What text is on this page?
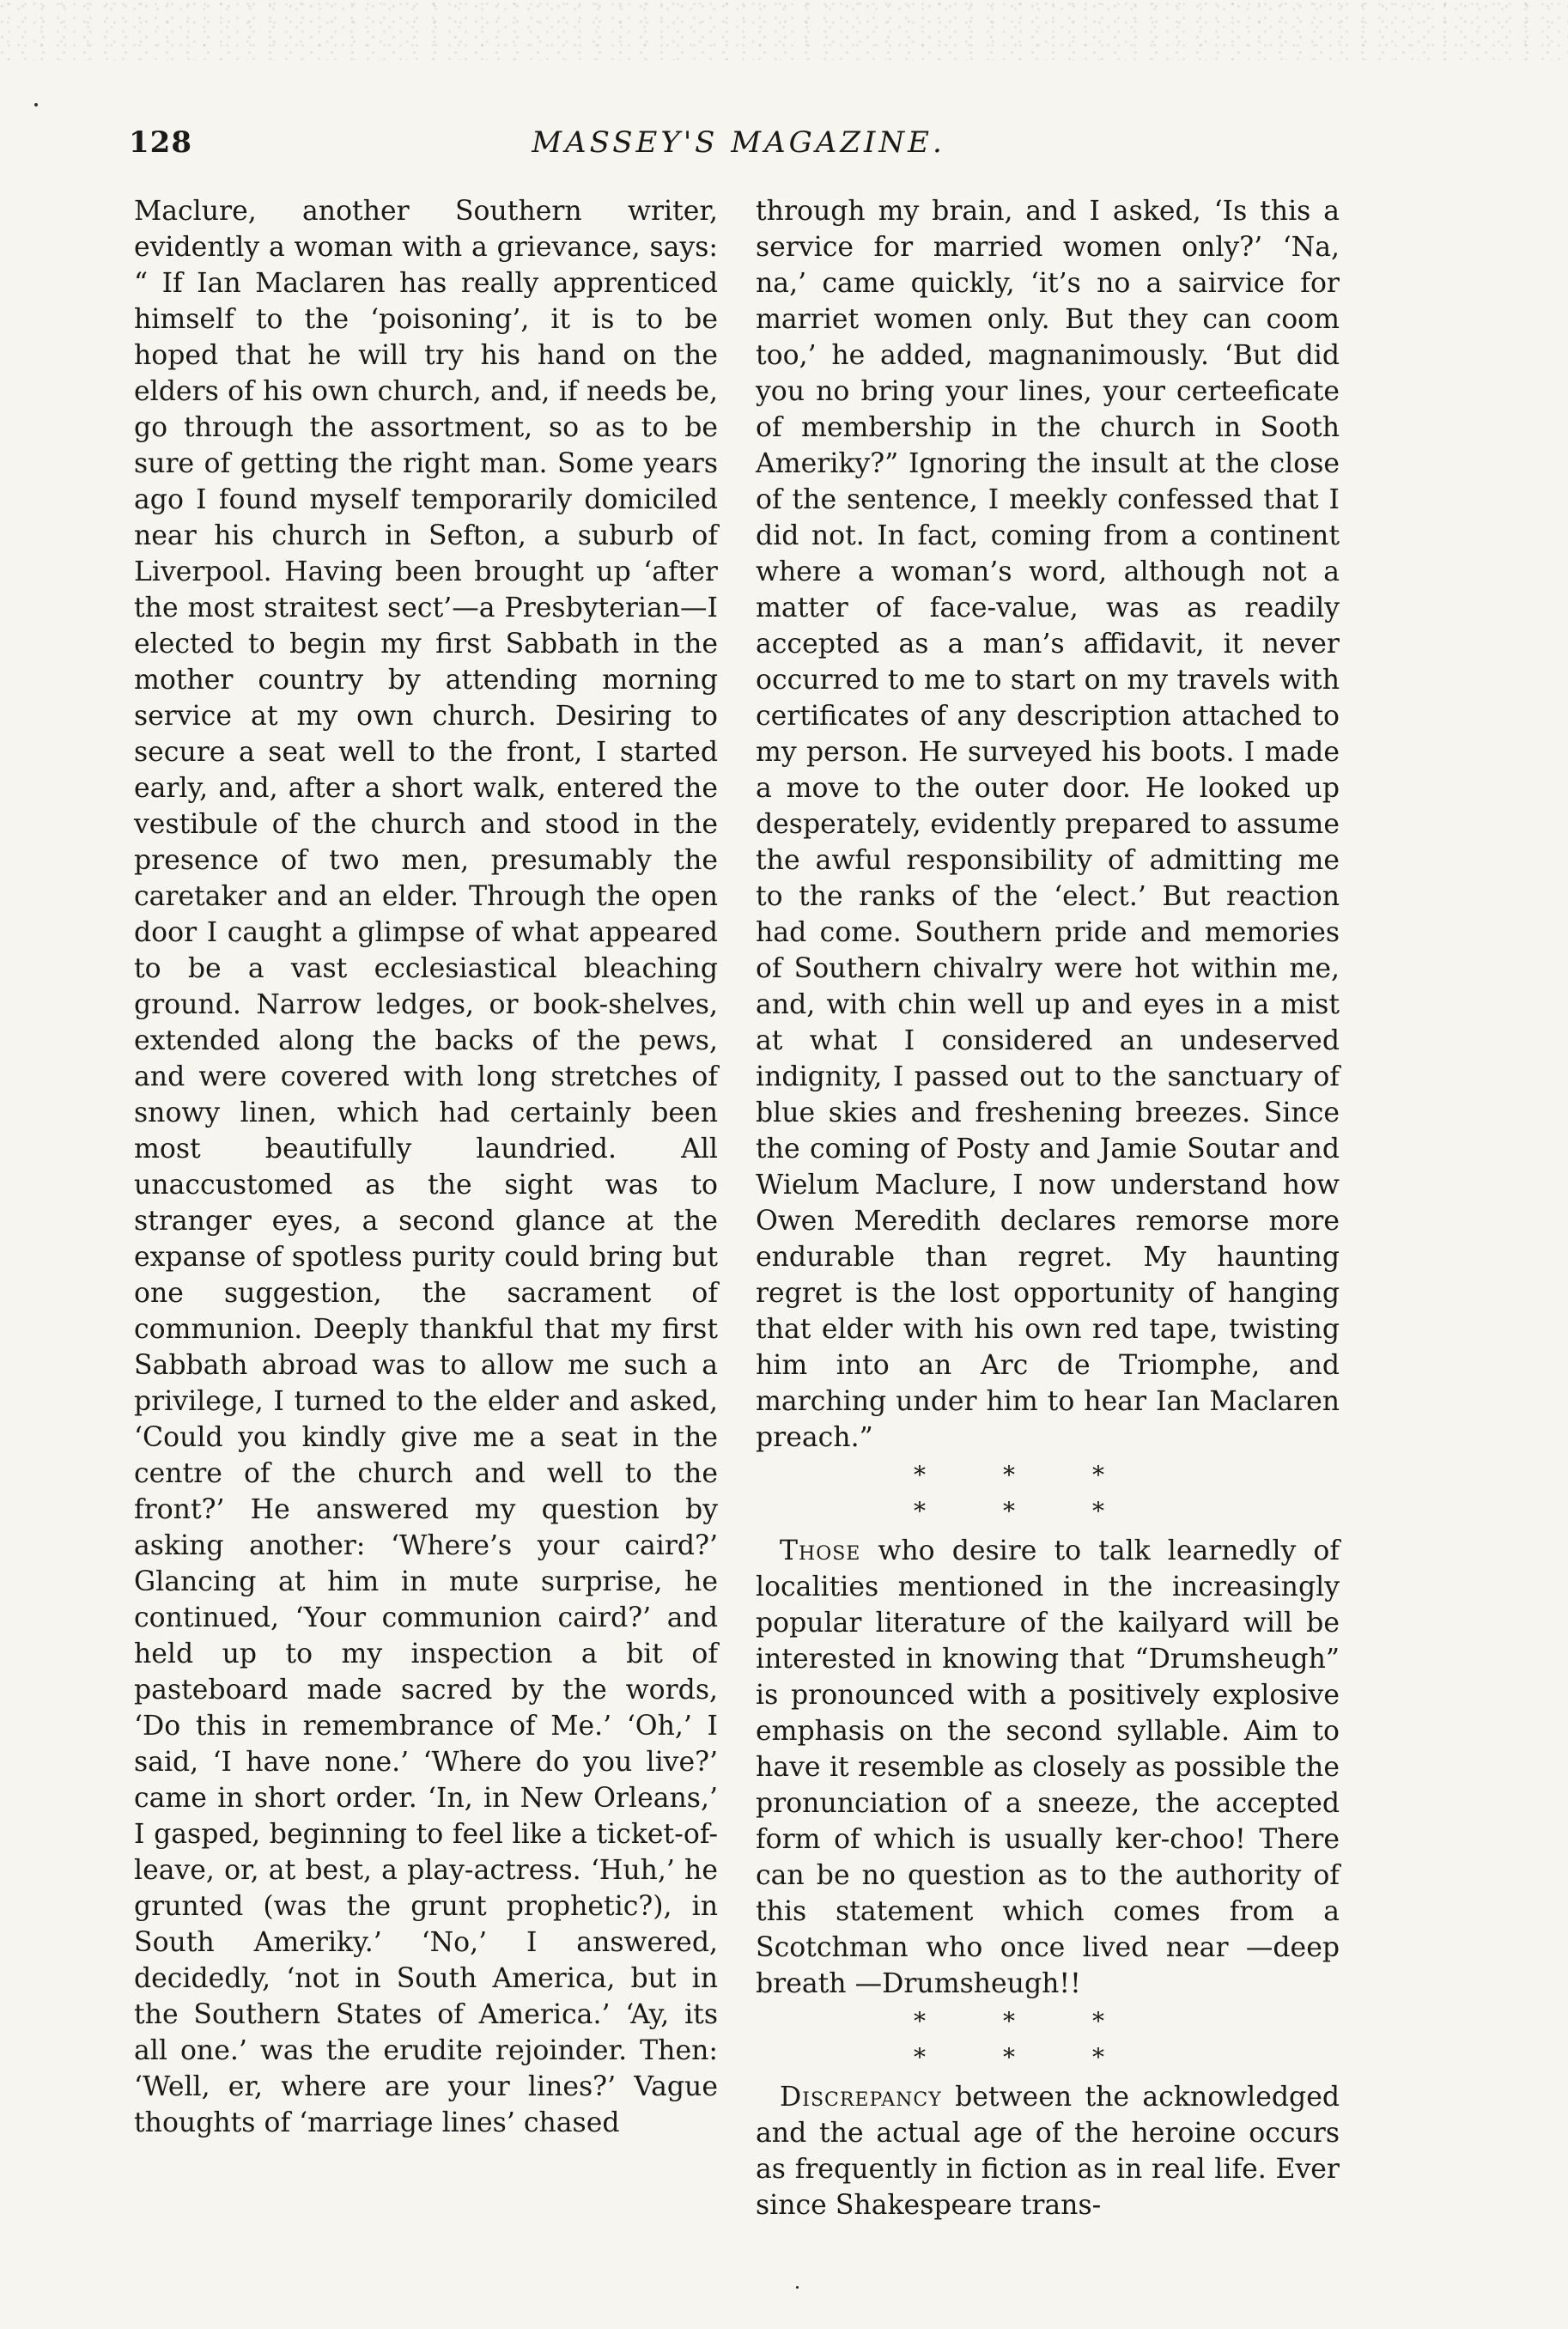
128	MASSEY'S MAGAZINE.

Maclure, another Southern writer, evidently a woman with a grievance, says: “ If Ian Maclaren has really apprenticed himself to the ‘poisoning’, it is to be hoped that he will try his hand on the elders of his own church, and, if needs be, go through the assortment, so as to be sure of getting the right man. Some years ago I found myself temporarily domiciled near his church in Sefton, a suburb of Liverpool. Having been brought up ‘after the most straitest sect’—a Presbyterian—I elected to begin my first Sabbath in the mother country by attending morning service at my own church. Desiring to secure a seat well to the front, I started early, and, after a short walk, entered the vestibule of the church and stood in the presence of two men, presumably the caretaker and an elder. Through the open door I caught a glimpse of what appeared to be a vast ecclesiastical bleaching ground. Narrow ledges, or book-shelves, extended along the backs of the pews, and were covered with long stretches of snowy linen, which had certainly been most beautifully laundried. All unaccustomed as the sight was to stranger eyes, a second glance at the expanse of spotless purity could bring but one suggestion, the sacrament of communion. Deeply thankful that my first Sabbath abroad was to allow me such a privilege, I turned to the elder and asked, ‘Could you kindly give me a seat in the centre of the church and well to the front?’ He answered my question by asking another: ‘Where’s your caird?’ Glancing at him in mute surprise, he continued, ‘Your communion caird?’ and held up to my inspection a bit of pasteboard made sacred by the words, ‘Do this in remembrance of Me.’ ‘Oh,’ I said, ‘I have none.’ ‘Where do you live?’ came in short order. ‘In, in New Orleans,’ I gasped, beginning to feel like a ticket-of-leave, or, at best, a play-actress. ‘Huh,’ he grunted (was the grunt prophetic?), in South Ameriky.’ ‘No,’ I answered, decidedly, ‘not in South America, but in the Southern States of America.’ ‘Ay, its all one.’ was the erudite rejoinder. Then: ‘Well, er, where are your lines?’ Vague thoughts of ‘marriage lines’ chased

through my brain, and I asked, ‘Is this a service for married women only?’ ‘Na, na,’ came quickly, ‘it’s no a sairvice for marriet women only. But they can coom too,’ he added, magnanimously. ‘But did you no bring your lines, your certeeficate of membership in the church in Sooth Ameriky?” Ignoring the insult at the close of the sentence, I meekly confessed that I did not. In fact, coming from a continent where a woman’s word, although not a matter of face-value, was as readily accepted as a man’s affidavit, it never occurred to me to start on my travels with certificates of any description attached to my person. He surveyed his boots. I made a move to the outer door. He looked up desperately, evidently prepared to assume the awful responsibility of admitting me to the ranks of the ‘elect.’ But reaction had come. Southern pride and memories of Southern chivalry were hot within me, and, with chin well up and eyes in a mist at what I considered an undeserved indignity, I passed out to the sanctuary of blue skies and freshening breezes. Since the coming of Posty and Jamie Soutar and Wielum Maclure, I now understand how Owen Meredith declares remorse more endurable than regret. My haunting regret is the lost opportunity of hanging that elder with his own red tape, twisting him into an Arc de Triomphe, and marching under him to hear Ian Maclaren preach.”

*** ***

Those who desire to talk learnedly of localities mentioned in the increasingly popular literature of the kailyard will be interested in knowing that “Drumsheugh” is pronounced with a positively explosive emphasis on the second syllable. Aim to have it resemble as closely as possible the pronunciation of a sneeze, the accepted form of which is usually ker-choo! There can be no question as to the authority of this statement which comes from a Scotchman who once lived near —deep breath —Drumsheugh!!

*** ***

Discrepancy between the acknowledged and the actual age of the heroine occurs as frequently in fiction as in real life. Ever since Shakespeare trans-
